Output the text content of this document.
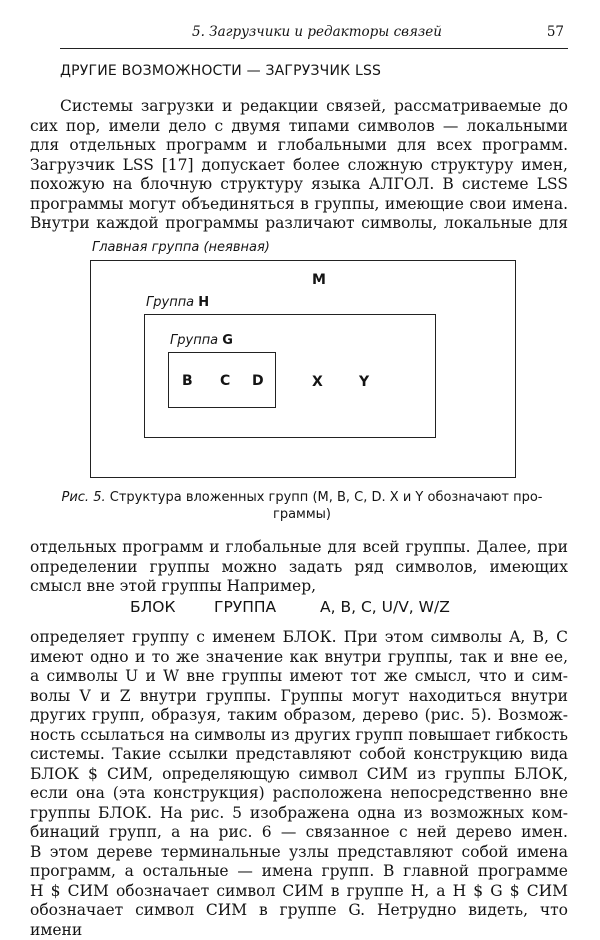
5. Загрузчики и редакторы связей	57
ДРУГИЕ ВОЗМОЖНОСТИ — ЗАГРУЗЧИК LSS
Системы загрузки и редакции связей, рассматриваемые до
сих пор, имели дело с двумя типами символов — локальными
для отдельных программ и глобальными для всех программ.
Загрузчик LSS [17] допускает более сложную структуру имен,
похожую на блочную структуру языка АЛГОЛ. В системе LSS
программы могут объединяться в группы, имеющие свои имена.
Внутри каждой программы различают символы, локальные для
Главная группа (неявная)
M
Группа H
Группа G
B C D	X	Y
Рис. 5. Структура вложенных групп (M, B, C, D. X и Y обозначают про-
граммы)
отдельных программ и глобальные для всей группы. Далее, при
определении группы можно задать ряд символов, имеющих
смысл вне этой группы Например,
БЛОК ГРУППА	A, B, C, U/V, W/Z
определяет группу с именем БЛОК. При этом символы A, B, C
имеют одно и то же значение как внутри группы, так и вне ее,
а символы U и W вне группы имеют тот же смысл, что и сим-
волы V и Z внутри группы. Группы могут находиться внутри
других групп, образуя, таким образом, дерево (рис. 5). Возмож-
ность ссылаться на символы из других групп повышает гибкость
системы. Такие ссылки представляют собой конструкцию вида
БЛОК $ СИМ, определяющую символ СИМ из группы БЛОК,
если она (эта конструкция) расположена непосредственно вне
группы БЛОК. На рис. 5 изображена одна из возможных ком-
бинаций групп, а на рис. 6 — связанное с ней дерево имен.
В этом дереве терминальные узлы представляют собой имена
программ, а остальные — имена групп. В главной программе
H $ СИМ обозначает символ СИМ в группе H, а H $ G $ СИМ
обозначает символ СИМ в группе G. Нетрудно видеть, что имени
